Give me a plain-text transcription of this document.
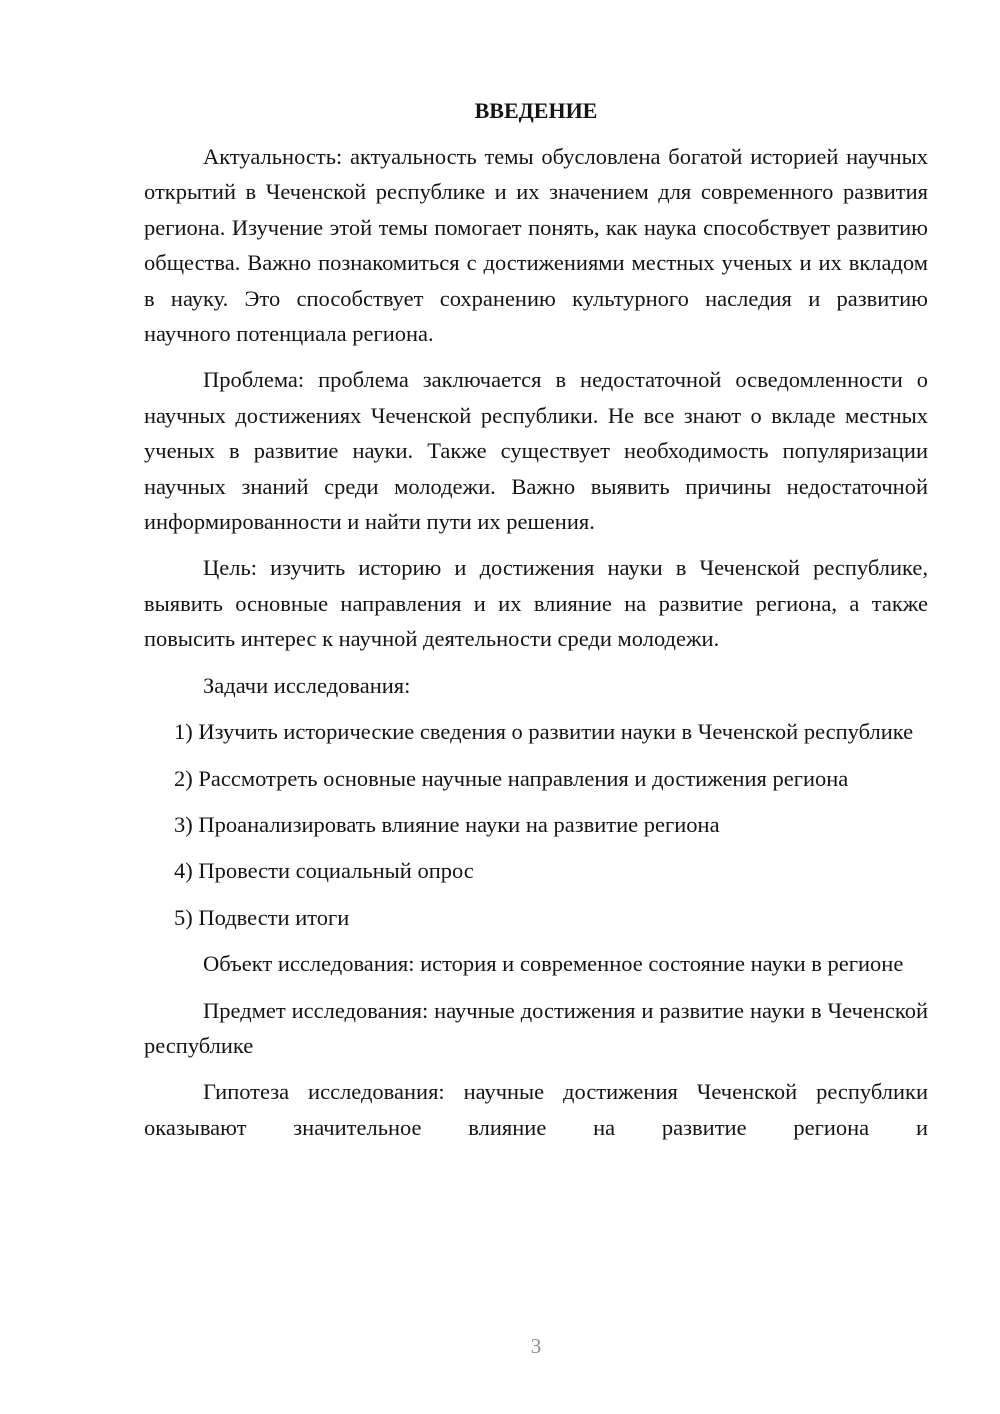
ВВЕДЕНИЕ

Актуальность: актуальность темы обусловлена богатой историей научных открытий в Чеченской республике и их значением для современного развития региона. Изучение этой темы помогает понять, как наука способствует развитию общества. Важно познакомиться с достижениями местных ученых и их вкладом в науку. Это способствует сохранению культурного наследия и развитию научного потенциала региона.

Проблема: проблема заключается в недостаточной осведомленности о научных достижениях Чеченской республики. Не все знают о вкладе местных ученых в развитие науки. Также существует необходимость популяризации научных знаний среди молодежи. Важно выявить причины недостаточной информированности и найти пути их решения.

Цель: изучить историю и достижения науки в Чеченской республике, выявить основные направления и их влияние на развитие региона, а также повысить интерес к научной деятельности среди молодежи.

Задачи исследования:

1) Изучить исторические сведения о развитии науки в Чеченской республике

2) Рассмотреть основные научные направления и достижения региона

3) Проанализировать влияние науки на развитие региона

4) Провести социальный опрос

5) Подвести итоги

Объект исследования: история и современное состояние науки в регионе

Предмет исследования: научные достижения и развитие науки в Чеченской республике

Гипотеза исследования: научные достижения Чеченской республики оказывают значительное влияние на развитие региона и

3
